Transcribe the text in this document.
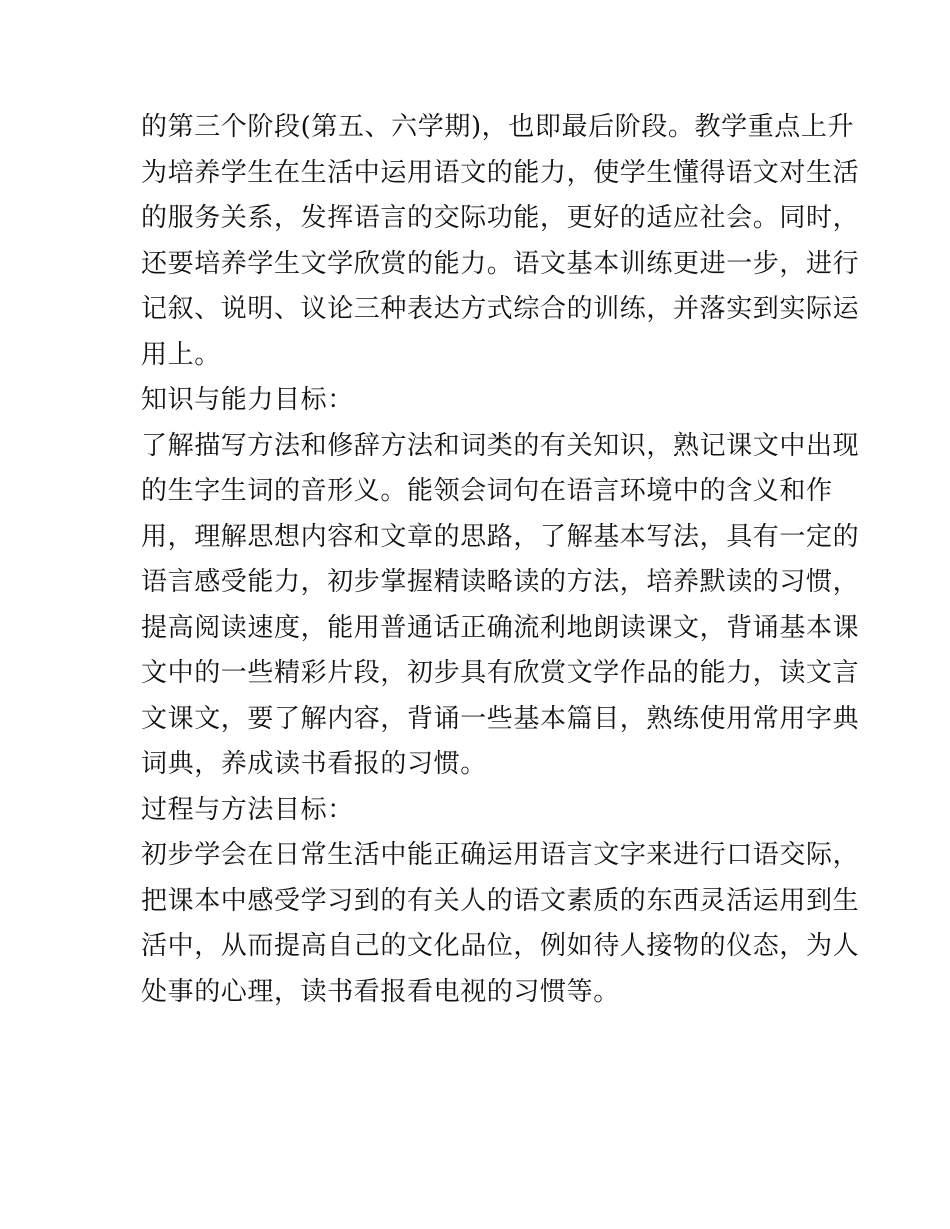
的第三个阶段(第五、六学期)，也即最后阶段。教学重点上升
为培养学生在生活中运用语文的能力，使学生懂得语文对生活
的服务关系，发挥语言的交际功能，更好的适应社会。同时，
还要培养学生文学欣赏的能力。语文基本训练更进一步，进行
记叙、说明、议论三种表达方式综合的训练，并落实到实际运
用上。
知识与能力目标：
了解描写方法和修辞方法和词类的有关知识，熟记课文中出现
的生字生词的音形义。能领会词句在语言环境中的含义和作
用，理解思想内容和文章的思路，了解基本写法，具有一定的
语言感受能力，初步掌握精读略读的方法，培养默读的习惯，
提高阅读速度，能用普通话正确流利地朗读课文，背诵基本课
文中的一些精彩片段，初步具有欣赏文学作品的能力，读文言
文课文，要了解内容，背诵一些基本篇目，熟练使用常用字典
词典，养成读书看报的习惯。
过程与方法目标：
初步学会在日常生活中能正确运用语言文字来进行口语交际，
把课本中感受学习到的有关人的语文素质的东西灵活运用到生
活中，从而提高自己的文化品位，例如待人接物的仪态，为人
处事的心理，读书看报看电视的习惯等。
